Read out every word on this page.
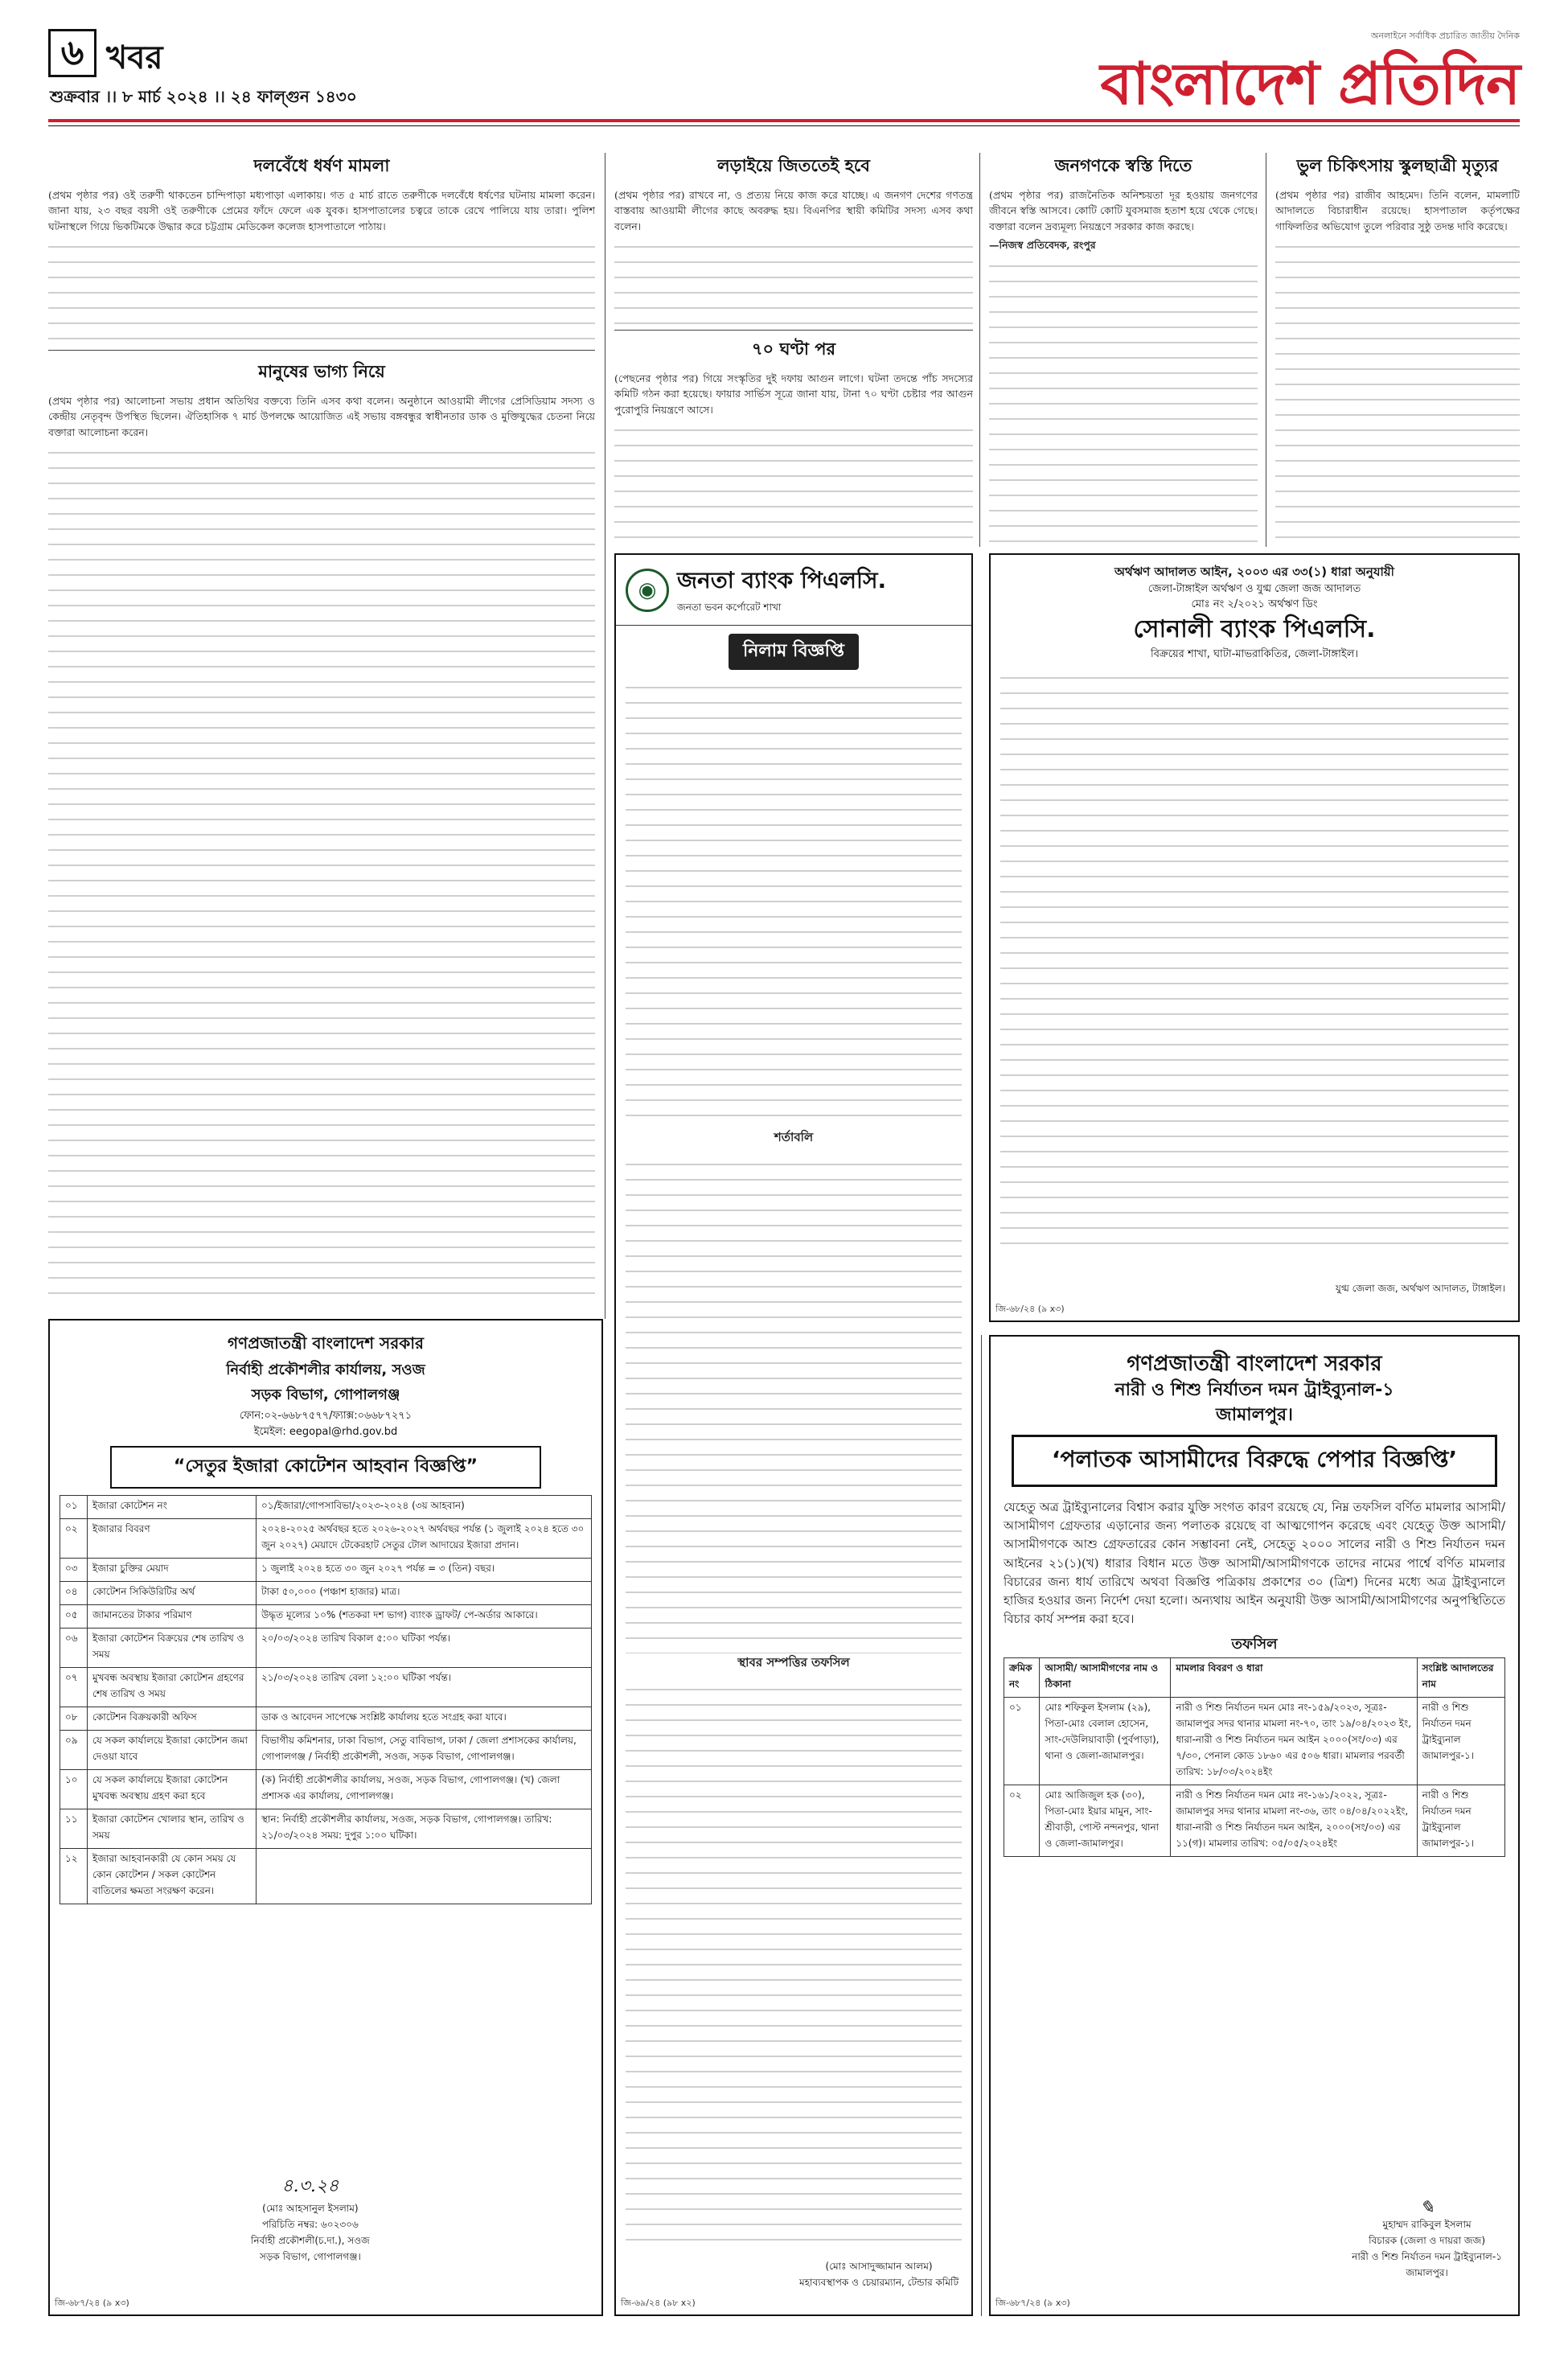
৬ খবর
শুক্রবার ।। ৮ মার্চ ২০২৪ ।। ২৪ ফাল্গুন ১৪৩০
অনলাইনে সর্বাধিক প্রচারিত জাতীয় দৈনিক
বাংলাদেশ প্রতিদিন
দলবেঁধে ধর্ষণ মামলা

(প্রথম পৃষ্ঠার পর) ওই তরুণী থাকতেন চান্দিপাড়া মধ্যপাড়া এলাকায়। গত ৫ মার্চ রাতে তরুণীকে দলবেঁধে ধর্ষণের ঘটনায় মামলা করেন। জানা যায়, ২৩ বছর বয়সী ওই তরুণীকে প্রেমের ফাঁদে ফেলে এক যুবক। হাসপাতালের চত্বরে তাকে রেখে পালিয়ে যায় তারা। পুলিশ ঘটনাস্থলে গিয়ে ভিকটিমকে উদ্ধার করে চট্টগ্রাম মেডিকেল কলেজ হাসপাতালে পাঠায়।

মানুষের ভাগ্য নিয়ে

(প্রথম পৃষ্ঠার পর) আলোচনা সভায় প্রধান অতিথির বক্তব্যে তিনি এসব কথা বলেন। অনুষ্ঠানে আওয়ামী লীগের প্রেসিডিয়াম সদস্য ও কেন্দ্রীয় নেতৃবৃন্দ উপস্থিত ছিলেন। ঐতিহাসিক ৭ মার্চ উপলক্ষে আয়োজিত এই সভায় বঙ্গবন্ধুর স্বাধীনতার ডাক ও মুক্তিযুদ্ধের চেতনা নিয়ে বক্তারা আলোচনা করেন।

লড়াইয়ে জিততেই হবে

(প্রথম পৃষ্ঠার পর) রাখবে না, ও প্রত্যয় নিয়ে কাজ করে যাচ্ছে। এ জনগণ দেশের গণতন্ত্র বাস্তবায় আওয়ামী লীগের কাছে অবরুদ্ধ হয়। বিএনপির স্থায়ী কমিটির সদস্য এসব কথা বলেন।

৭০ ঘণ্টা পর

(পেছনের পৃষ্ঠার পর) গিয়ে সংস্কৃতির দুই দফায় আগুন লাগে। ঘটনা তদন্তে পাঁচ সদস্যের কমিটি গঠন করা হয়েছে। ফায়ার সার্ভিস সূত্রে জানা যায়, টানা ৭০ ঘণ্টা চেষ্টার পর আগুন পুরোপুরি নিয়ন্ত্রণে আসে।

জনগণকে স্বস্তি দিতে

(প্রথম পৃষ্ঠার পর) রাজনৈতিক অনিশ্চয়তা দূর হওয়ায় জনগণের জীবনে স্বস্তি আসবে। কোটি কোটি যুবসমাজ হতাশ হয়ে থেকে গেছে। বক্তারা বলেন দ্রব্যমূল্য নিয়ন্ত্রণে সরকার কাজ করছে।

—নিজস্ব প্রতিবেদক, রংপুর

ভুল চিকিৎসায় স্কুলছাত্রী মৃত্যুর

(প্রথম পৃষ্ঠার পর) রাজীব আহমেদ। তিনি বলেন, মামলাটি আদালতে বিচারাধীন রয়েছে। হাসপাতাল কর্তৃপক্ষের গাফিলতির অভিযোগ তুলে পরিবার সুষ্ঠু তদন্ত দাবি করেছে।

◉ জনতা ব্যাংক পিএলসি.
জনতা ভবন কর্পোরেট শাখা
নিলাম বিজ্ঞপ্তি
শর্তাবলি
স্থাবর সম্পত্তির তফসিল
(মোঃ আসাদুজ্জামান আলম)
মহাব্যবস্থাপক ও চেয়ারম্যান, টেন্ডার কমিটি
জি-৬৯/২৪ (৯৮ x২)
অর্থঋণ আদালত আইন, ২০০৩ এর ৩৩(১) ধারা অনুযায়ী
জেলা-টাঙ্গাইল অর্থঋণ ও যুগ্ম জেলা জজ আদালত
মোঃ নং ২/২০২১ অর্থঋণ ডিং
সোনালী ব্যাংক পিএলসি.
বিক্রয়ের শাখা, ঘাটা-মাভরাকিতির, জেলা-টাঙ্গাইল।
যুগ্ম জেলা জজ, অর্থঋণ আদালত, টাঙ্গাইল।
জি-৬৮/২৪ (৯ x৩)
গণপ্রজাতন্ত্রী বাংলাদেশ সরকার
নির্বাহী প্রকৌশলীর কার্যালয়, সওজ
সড়ক বিভাগ, গোপালগঞ্জ
ফোন:০২-৬৬৮৭৫৭৭/ফ্যাক্স:০৬৬৮৭২৭১
ইমেইল: eegopal@rhd.gov.bd
“সেতুর ইজারা কোটেশন আহবান বিজ্ঞপ্তি”
০১	ইজারা কোটেশন নং	০১/ইজারা/গোপসাবিভা/২০২৩-২০২৪ (৩য় আহবান)
০২	ইজারার বিবরণ	২০২৪-২০২৫ অর্থবছর হতে ২০২৬-২০২৭ অর্থবছর পর্যন্ত (১ জুলাই ২০২৪ হতে ৩০ জুন ২০২৭) মেয়াদে টেকেরহাট সেতুর টোল আদায়ের ইজারা প্রদান।
০৩	ইজারা চুক্তির মেয়াদ	১ জুলাই ২০২৪ হতে ৩০ জুন ২০২৭ পর্যন্ত = ৩ (তিন) বছর।
০৪	কোটেশন সিকিউরিটির অর্থ	টাকা ৫০,০০০ (পঞ্চাশ হাজার) মাত্র।
০৫	জামানতের টাকার পরিমাণ	উদ্ধৃত মূল্যের ১০% (শতকরা দশ ভাগ) ব্যাংক ড্রাফট/ পে-অর্ডার আকারে।
০৬	ইজারা কোটেশন বিক্রয়ের শেষ তারিখ ও সময়	২০/০৩/২০২৪ তারিখ বিকাল ৫:০০ ঘটিকা পর্যন্ত।
০৭	মুখবন্ধ অবস্থায় ইজারা কোটেশন গ্রহণের শেষ তারিখ ও সময়	২১/০৩/২০২৪ তারিখ বেলা ১২:০০ ঘটিকা পর্যন্ত।
০৮	কোটেশন বিক্রয়কারী অফিস	ডাক ও আবেদন সাপেক্ষে সংশ্লিষ্ট কার্যালয় হতে সংগ্রহ করা যাবে।
০৯	যে সকল কার্যালয়ে ইজারা কোটেশন জমা দেওয়া যাবে	বিভাগীয় কমিশনার, ঢাকা বিভাগ, সেতু বাবিভাগ, ঢাকা / জেলা প্রশাসকের কার্যালয়, গোপালগঞ্জ / নির্বাহী প্রকৌশলী, সওজ, সড়ক বিভাগ, গোপালগঞ্জ।
১০	যে সকল কার্যালয়ে ইজারা কোটেশন মুখবন্ধ অবস্থায় গ্রহণ করা হবে	(ক) নির্বাহী প্রকৌশলীর কার্যালয়, সওজ, সড়ক বিভাগ, গোপালগঞ্জ। (খ) জেলা প্রশাসক এর কার্যালয়, গোপালগঞ্জ।
১১	ইজারা কোটেশন খোলার স্থান, তারিখ ও সময়	স্থান: নির্বাহী প্রকৌশলীর কার্যালয়, সওজ, সড়ক বিভাগ, গোপালগঞ্জ। তারিখ: ২১/০৩/২০২৪ সময়: দুপুর ১:০০ ঘটিকা।
১২	ইজারা আহবানকারী যে কোন সময় যে কোন কোটেশন / সকল কোটেশন বাতিলের ক্ষমতা সংরক্ষণ করেন।	
৪.৩.২৪
(মোঃ আহসানুল ইসলাম)
পরিচিতি নম্বর: ৬০২৩০৬
নির্বাহী প্রকৌশলী(চ.দা.), সওজ
সড়ক বিভাগ, গোপালগঞ্জ।
জি-৬৮৭/২৪ (৯ x৩)
গণপ্রজাতন্ত্রী বাংলাদেশ সরকার
নারী ও শিশু নির্যাতন দমন ট্রাইব্যুনাল-১
জামালপুর।
‘পলাতক আসামীদের বিরুদ্ধে পেপার বিজ্ঞপ্তি’
যেহেতু অত্র ট্রাইব্যুনালের বিশ্বাস করার যুক্তি সংগত কারণ রয়েছে যে, নিম্ন তফসিল বর্ণিত মামলার আসামী/আসামীগণ গ্রেফতার এড়ানোর জন্য পলাতক রয়েছে বা আত্মগোপন করেছে এবং যেহেতু উক্ত আসামী/আসামীগণকে আশু গ্রেফতারের কোন সম্ভাবনা নেই, সেহেতু ২০০০ সালের নারী ও শিশু নির্যাতন দমন আইনের ২১(১)(খ) ধারার বিধান মতে উক্ত আসামী/আসামীগণকে তাদের নামের পার্শ্বে বর্ণিত মামলার বিচারের জন্য ধার্য তারিখে অথবা বিজ্ঞপ্তি পত্রিকায় প্রকাশের ৩০ (ত্রিশ) দিনের মধ্যে অত্র ট্রাইব্যুনালে হাজির হওয়ার জন্য নির্দেশ দেয়া হলো। অন্যথায় আইন অনুযায়ী উক্ত আসামী/আসামীগণের অনুপস্থিতিতে বিচার কার্য সম্পন্ন করা হবে।
তফসিল
ক্রমিক নং	আসামী/ আসামীগণের নাম ও ঠিকানা	মামলার বিবরণ ও ধারা	সংশ্লিষ্ট আদালতের নাম
০১	মোঃ শফিকুল ইসলাম (২৯), পিতা-মোঃ বেলাল হোসেন, সাং-দেউলিয়াবাড়ী (পুর্বপাড়া), থানা ও জেলা-জামালপুর।	নারী ও শিশু নির্যাতন দমন মোঃ নং-১৫৯/২০২৩, সূত্রঃ-জামালপুর সদর থানার মামলা নং-৭০, তাং ১৯/০৪/২০২৩ ইং, ধারা-নারী ও শিশু নির্যাতন দমন আইন ২০০০(সং/০৩) এর ৭/৩০, পেনাল কোড ১৮৬০ এর ৫০৬ ধারা। মামলার পরবর্তী তারিখ: ১৮/০৩/২০২৪ইং	নারী ও শিশু নির্যাতন দমন ট্রাইব্যুনাল জামালপুর-১।
০২	মোঃ আজিজুল হক (৩০), পিতা-মোঃ ইয়ার মামুন, সাং-শ্রীবাড়ী, পোস্ট নন্দনপুর, থানা ও জেলা-জামালপুর।	নারী ও শিশু নির্যাতন দমন মোঃ নং-১৬১/২০২২, সূত্রঃ-জামালপুর সদর থানার মামলা নং-৩৬, তাং ০৪/০৪/২০২২ইং, ধারা-নারী ও শিশু নির্যাতন দমন আইন, ২০০০(সং/০৩) এর ১১(গ)। মামলার তারিখ: ০৫/০৫/২০২৪ইং	নারী ও শিশু নির্যাতন দমন ট্রাইব্যুনাল জামালপুর-১।
✎
মুহাম্মদ রাকিবুল ইসলাম
বিচারক (জেলা ও দায়রা জজ)
নারী ও শিশু নির্যাতন দমন ট্রাইব্যুনাল-১
জামালপুর।
জি-৬৮৭/২৪ (৯ x৩)
